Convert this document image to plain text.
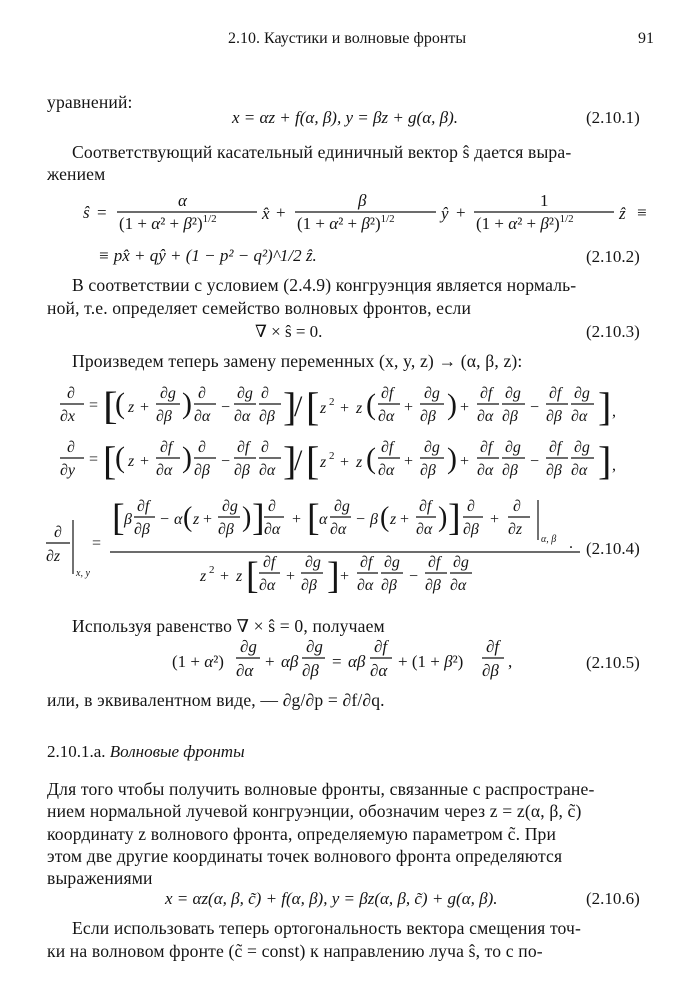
2.10. Каустики и волновые фронты	91
уравнений:
x = αz + f(α, β), y = βz + g(α, β).	(2.10.1)
Соответствующий касательный единичный вектор ŝ дается выра-
жением
ŝ =
α
$(1 + \alpha^2 + \beta^2)^{1/2}$	x̂ +
β
$(1 + \alpha^2 + \beta^2)^{1/2}$	ŷ +
1
$(1 + \alpha^2 + \beta^2)^{1/2}$	ẑ ≡
≡ px̂ + qŷ + (1 − p² − q²)^1/2 ẑ.	(2.10.2)
В соответствии с условием (2.4.9) конгруэнция является нормаль-
ной, т.е. определяет семейство волновых фронтов, если
∇ × ŝ = 0.	(2.10.3)
Произведем теперь замену переменных (x, y, z) → (α, β, z):
∂
∂x
= [
( z +
∂g
∂β ) ∂
∂α
−
∂g
∂α
∂
∂β ]
/ [ z 2 + z ( ∂f
∂α
+
∂g
∂β ) +
∂f
∂α
∂g
∂β
−
∂f
∂β
∂g
∂α ] ,
∂
∂y
= [
( z +
∂f
∂α ) ∂
∂β
−
∂f
∂β
∂
∂α ]
/ [ z 2 + z ( ∂f
∂α
+
∂g
∂β ) +
∂f
∂α
∂g
∂β
−
∂f
∂β
∂g
∂α ] ,
∂
∂z
x, y
=
[ β
∂f
∂β
− α ( z +
∂g
∂β ) ] ∂
∂α
+ [ α
∂g
∂α
− β ( z +
∂f
∂α ) ] ∂
∂β
+
∂
∂z
α, β .
z 2 + z [ ∂f
∂α
+
∂g
∂β ] +
∂f
∂α
∂g
∂β
−
∂f
∂β
∂g
∂α
(2.10.4)
Используя равенство ∇ × ŝ = 0, получаем
(1 + α²)
∂g
∂α + αβ
∂g
∂β = αβ
∂f
∂α + (1 + β²)
∂f
∂β ,	(2.10.5)
или, в эквивалентном виде, — ∂g/∂p = ∂f/∂q.
2.10.1.а. Волновые фронты
Для того чтобы получить волновые фронты, связанные с распростране-
нием нормальной лучевой конгруэнции, обозначим через z = z(α, β, c̃)
координату z волнового фронта, определяемую параметром c̃. При
этом две другие координаты точек волнового фронта определяются
выражениями
x = αz(α, β, c̃) + f(α, β), y = βz(α, β, c̃) + g(α, β).	(2.10.6)
Если использовать теперь ортогональность вектора смещения точ-
ки на волновом фронте (c̃ = const) к направлению луча ŝ, то с по-
